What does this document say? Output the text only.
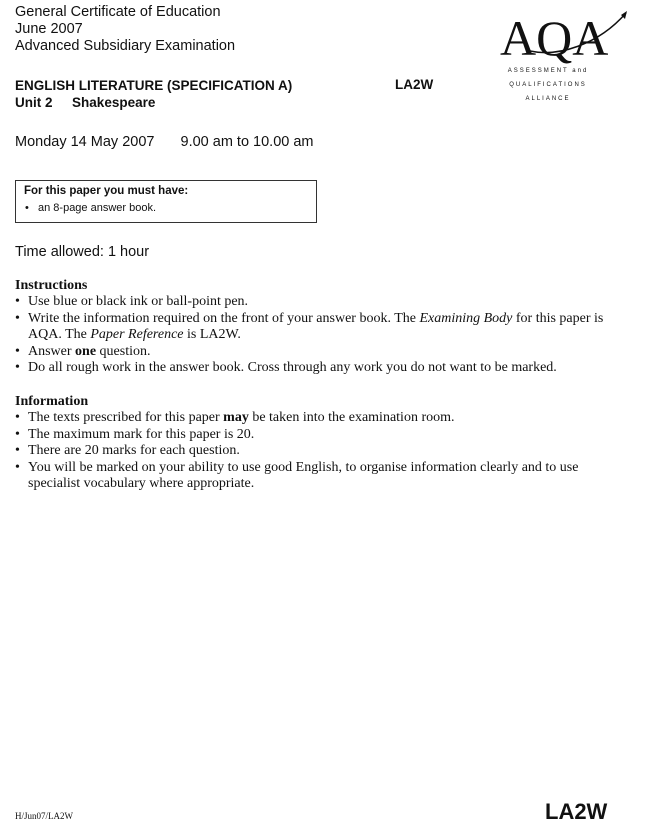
General Certificate of Education
June 2007
Advanced Subsidiary Examination	AQA
ASSESSMENT and
QUALIFICATIONS
ALLIANCE
ENGLISH LITERATURE (SPECIFICATION A)
Unit 2 Shakespeare
LA2W
Monday 14 May 2007 9.00 am to 10.00 am
For this paper you must have:
• an 8-page answer book.
Time allowed: 1 hour
Instructions
• Use blue or black ink or ball-point pen.
• Write the information required on the front of your answer book. The Examining Body for this paper is AQA. The Paper Reference is LA2W.
• Answer one question.
• Do all rough work in the answer book. Cross through any work you do not want to be marked.
Information
• The texts prescribed for this paper may be taken into the examination room.
• The maximum mark for this paper is 20.
• There are 20 marks for each question.
• You will be marked on your ability to use good English, to organise information clearly and to use specialist vocabulary where appropriate.
H/Jun07/LA2W	LA2W
